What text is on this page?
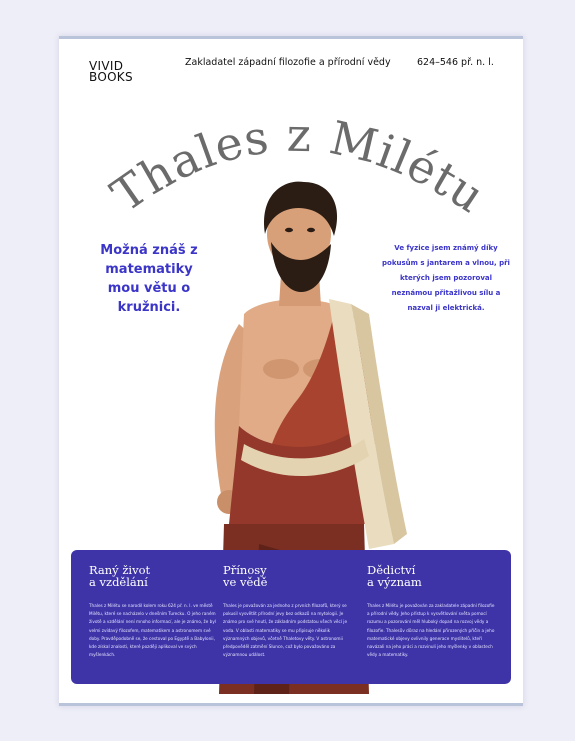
VIVID
BOOKS
Zakladatel západní filozofie a přírodní vědy	624–546 př. n. l.
Thales z Milétu
Možná znáš z matematiky mou větu o kružnici.
Ve fyzice jsem známý díky pokusům s jantarem a vlnou, při kterých jsem pozoroval neznámou přitažlivou sílu a nazval ji elektrická.
Raný život
a vzdělání

Thales z Milétu se narodil kolem roku 624 př. n. l. ve městě Milétu, které se nacházelo v dnešním Turecku. O jeho raném životě a vzdělání není mnoho informací, ale je známo, že byl velmi zvídavý filozofem, matematikem a astronomem své doby. Pravděpodobně se, že cestoval po Egyptě a Babylonii, kde získal znalosti, které později aplikoval ve svých myšlenkách.

Přínosy
ve vědě

Thales je považován za jednoho z prvních filozofů, který se pokusil vysvětlit přírodní jevy bez odkazů na mytologii. Je známo pro své hnutí, že základním podstatou všech věcí je voda. V oblasti matematiky se mu připisuje několik významných objevů, včetně Thaletovy věty. V astronomii předpověděl zatmění Slunce, což bylo považováno za významnou událost.

Dědictví
a význam

Thales z Milétu je považován za zakladatele západní filozofie a přírodní vědy. Jeho přístup k vysvětlování světa pomocí rozumu a pozorování měl hluboký dopad na rozvoj vědy a filozofie. Thalesův důraz na hledání přirozených příčin a jeho matematické objevy ovlivnily generace myslitelů, kteří navázali na jeho práci a rozvinuli jeho myšlenky v oblastech vědy a matematiky.
